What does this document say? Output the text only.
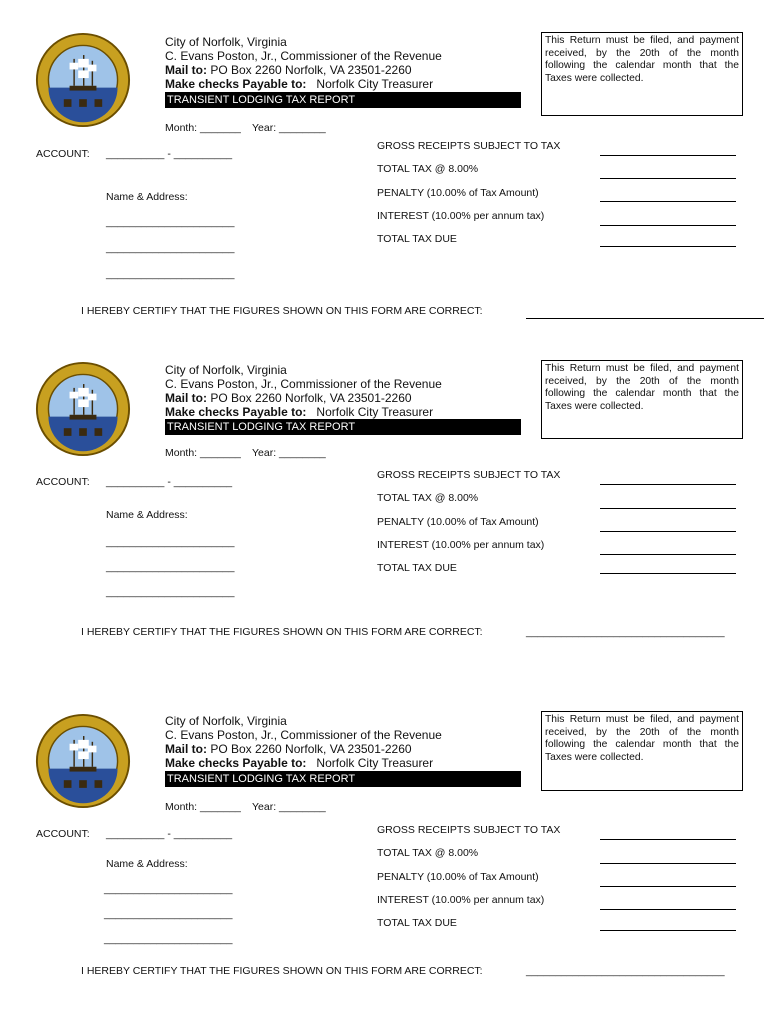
City of Norfolk, Virginia
C. Evans Poston, Jr., Commissioner of the Revenue
Mail to: PO Box 2260 Norfolk, VA 23501-2260
Make checks Payable to:   Norfolk City Treasurer
TRANSIENT LODGING TAX REPORT
This Return must be filed, and payment received, by the 20th of the month following the calendar month that the Taxes were collected.
Month: _______ Year: ________
ACCOUNT: __________ - __________
Name & Address:
______________________
______________________
______________________
GROSS RECEIPTS SUBJECT TO TAX
TOTAL TAX @ 8.00%
PENALTY (10.00% of Tax Amount)
INTEREST (10.00% per annum tax)
TOTAL TAX DUE
I HEREBY CERTIFY THAT THE FIGURES SHOWN ON THIS FORM ARE CORRECT:
City of Norfolk, Virginia
C. Evans Poston, Jr., Commissioner of the Revenue
Mail to: PO Box 2260 Norfolk, VA 23501-2260
Make checks Payable to:   Norfolk City Treasurer
TRANSIENT LODGING TAX REPORT
This Return must be filed, and payment received, by the 20th of the month following the calendar month that the Taxes were collected.
Month: _______ Year: ________
ACCOUNT: __________ - __________
Name & Address:
______________________
______________________
______________________
GROSS RECEIPTS SUBJECT TO TAX
TOTAL TAX @ 8.00%
PENALTY (10.00% of Tax Amount)
INTEREST (10.00% per annum tax)
TOTAL TAX DUE
I HEREBY CERTIFY THAT THE FIGURES SHOWN ON THIS FORM ARE CORRECT:	__________________________________
City of Norfolk, Virginia
C. Evans Poston, Jr., Commissioner of the Revenue
Mail to: PO Box 2260 Norfolk, VA 23501-2260
Make checks Payable to:   Norfolk City Treasurer
TRANSIENT LODGING TAX REPORT
This Return must be filed, and payment received, by the 20th of the month following the calendar month that the Taxes were collected.
Month: _______ Year: ________
ACCOUNT: __________ - __________
Name & Address:
______________________
______________________
______________________
GROSS RECEIPTS SUBJECT TO TAX
TOTAL TAX @ 8.00%
PENALTY (10.00% of Tax Amount)
INTEREST (10.00% per annum tax)
TOTAL TAX DUE
I HEREBY CERTIFY THAT THE FIGURES SHOWN ON THIS FORM ARE CORRECT:	__________________________________
